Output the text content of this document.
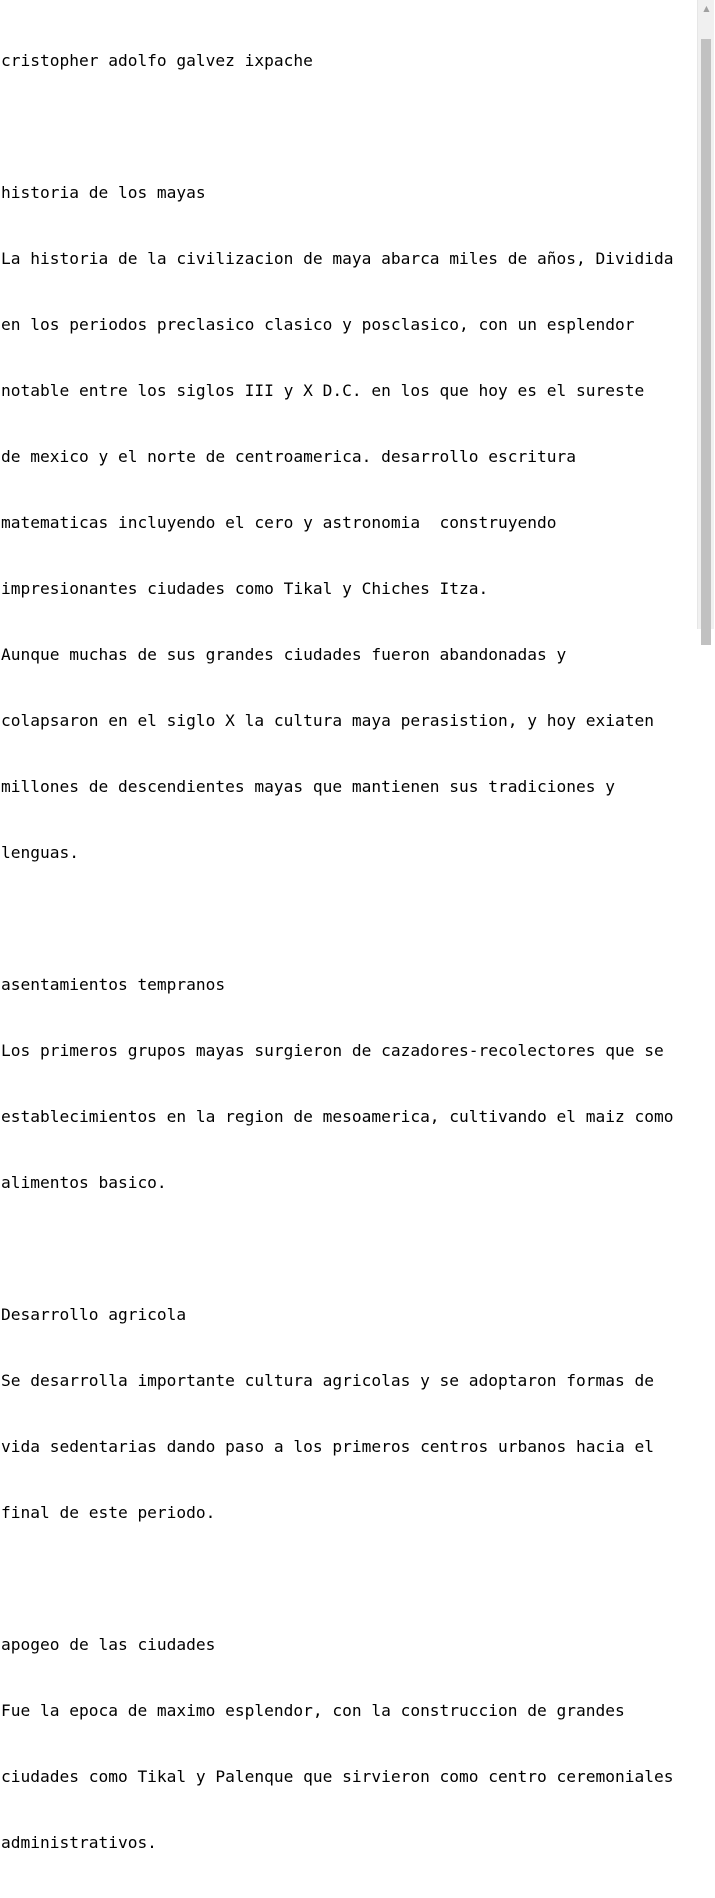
cristopher adolfo galvez ixpache

historia de los mayas

La historia de la civilizacion de maya abarca miles de años, Dividida

en los periodos preclasico clasico y posclasico, con un esplendor

notable entre los siglos III y X D.C. en los que hoy es el sureste

de mexico y el norte de centroamerica. desarrollo escritura

matematicas incluyendo el cero y astronomia  construyendo

impresionantes ciudades como Tikal y Chiches Itza.

Aunque muchas de sus grandes ciudades fueron abandonadas y

colapsaron en el siglo X la cultura maya perasistion, y hoy exiaten

millones de descendientes mayas que mantienen sus tradiciones y

lenguas.

asentamientos tempranos

Los primeros grupos mayas surgieron de cazadores-recolectores que se

establecimientos en la region de mesoamerica, cultivando el maiz como

alimentos basico.

Desarrollo agricola

Se desarrolla importante cultura agricolas y se adoptaron formas de

vida sedentarias dando paso a los primeros centros urbanos hacia el

final de este periodo.

apogeo de las ciudades

Fue la epoca de maximo esplendor, con la construccion de grandes

ciudades como Tikal y Palenque que sirvieron como centro ceremoniales

administrativos.

▲
